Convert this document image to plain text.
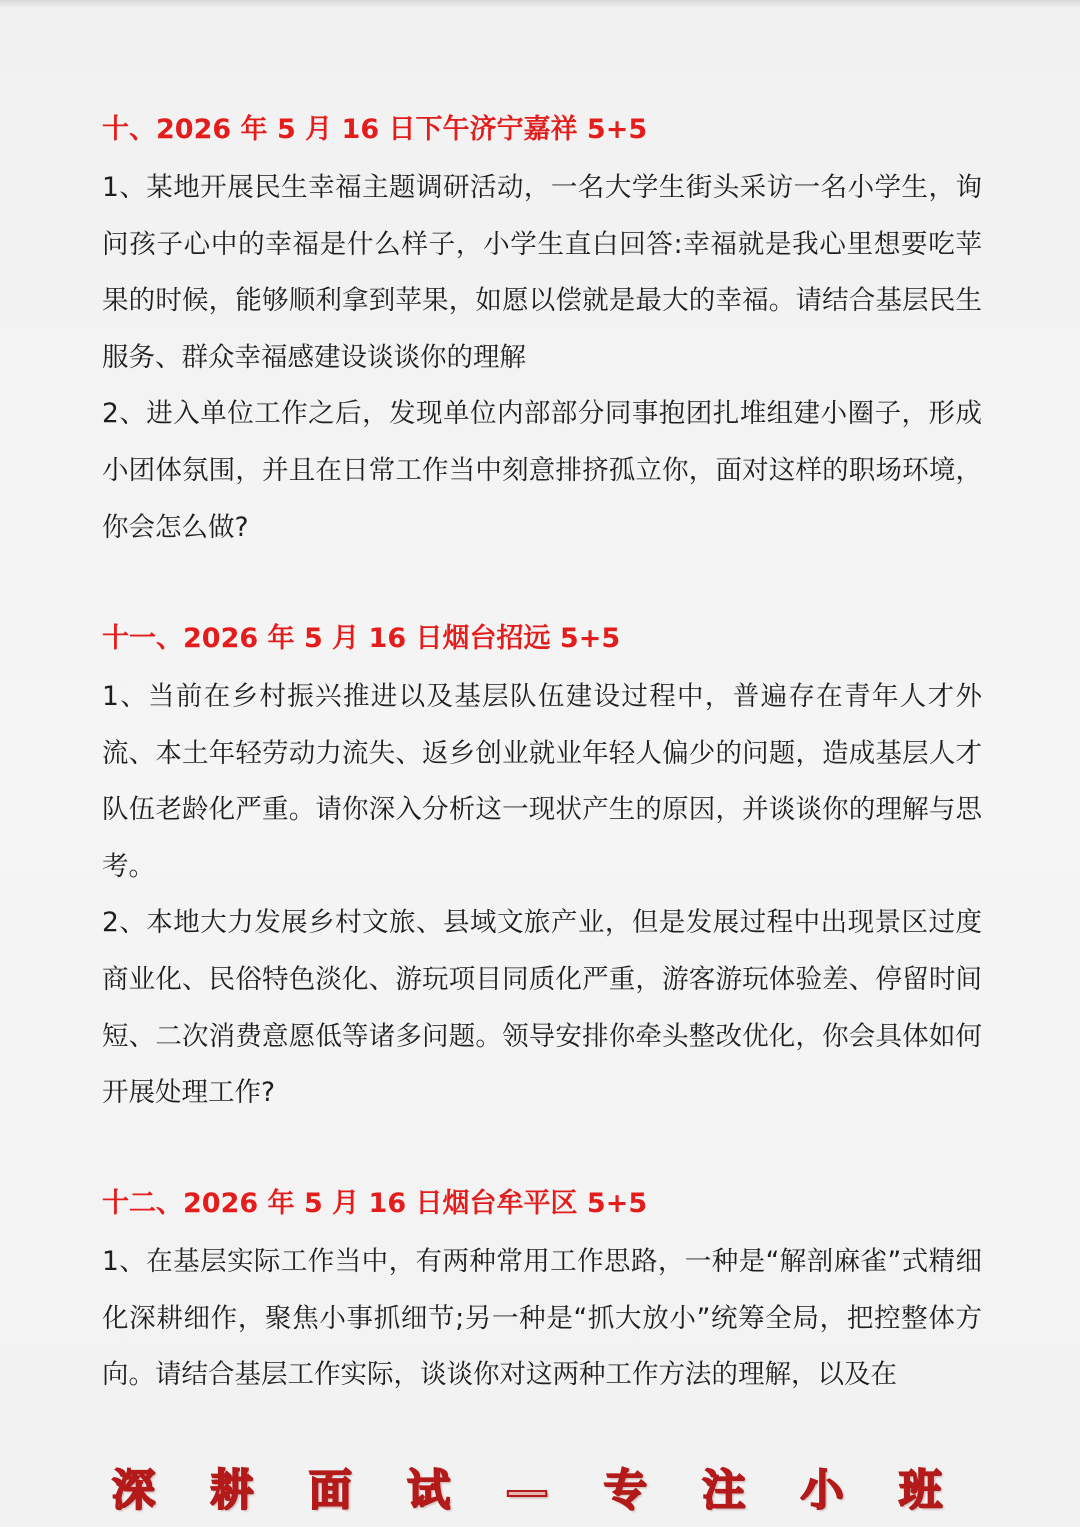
十、2026 年 5 月 16 日下午济宁嘉祥 5+5

1、某地开展民生幸福主题调研活动，一名大学生街头采访一名小学生，询问孩子心中的幸福是什么样子，小学生直白回答:幸福就是我心里想要吃苹果的时候，能够顺利拿到苹果，如愿以偿就是最大的幸福。请结合基层民生服务、群众幸福感建设谈谈你的理解

2、进入单位工作之后，发现单位内部部分同事抱团扎堆组建小圈子，形成小团体氛围，并且在日常工作当中刻意排挤孤立你，面对这样的职场环境，你会怎么做?

十一、2026 年 5 月 16 日烟台招远 5+5

1、当前在乡村振兴推进以及基层队伍建设过程中，普遍存在青年人才外流、本土年轻劳动力流失、返乡创业就业年轻人偏少的问题，造成基层人才队伍老龄化严重。请你深入分析这一现状产生的原因，并谈谈你的理解与思考。

2、本地大力发展乡村文旅、县域文旅产业，但是发展过程中出现景区过度商业化、民俗特色淡化、游玩项目同质化严重，游客游玩体验差、停留时间短、二次消费意愿低等诸多问题。领导安排你牵头整改优化，你会具体如何开展处理工作?

十二、2026 年 5 月 16 日烟台牟平区 5+5

1、在基层实际工作当中，有两种常用工作思路，一种是“解剖麻雀”式精细化深耕细作，聚焦小事抓细节;另一种是“抓大放小”统筹全局，把控整体方向。请结合基层工作实际，谈谈你对这两种工作方法的理解，以及在

深 耕 面 试 — 专 注 小 班
